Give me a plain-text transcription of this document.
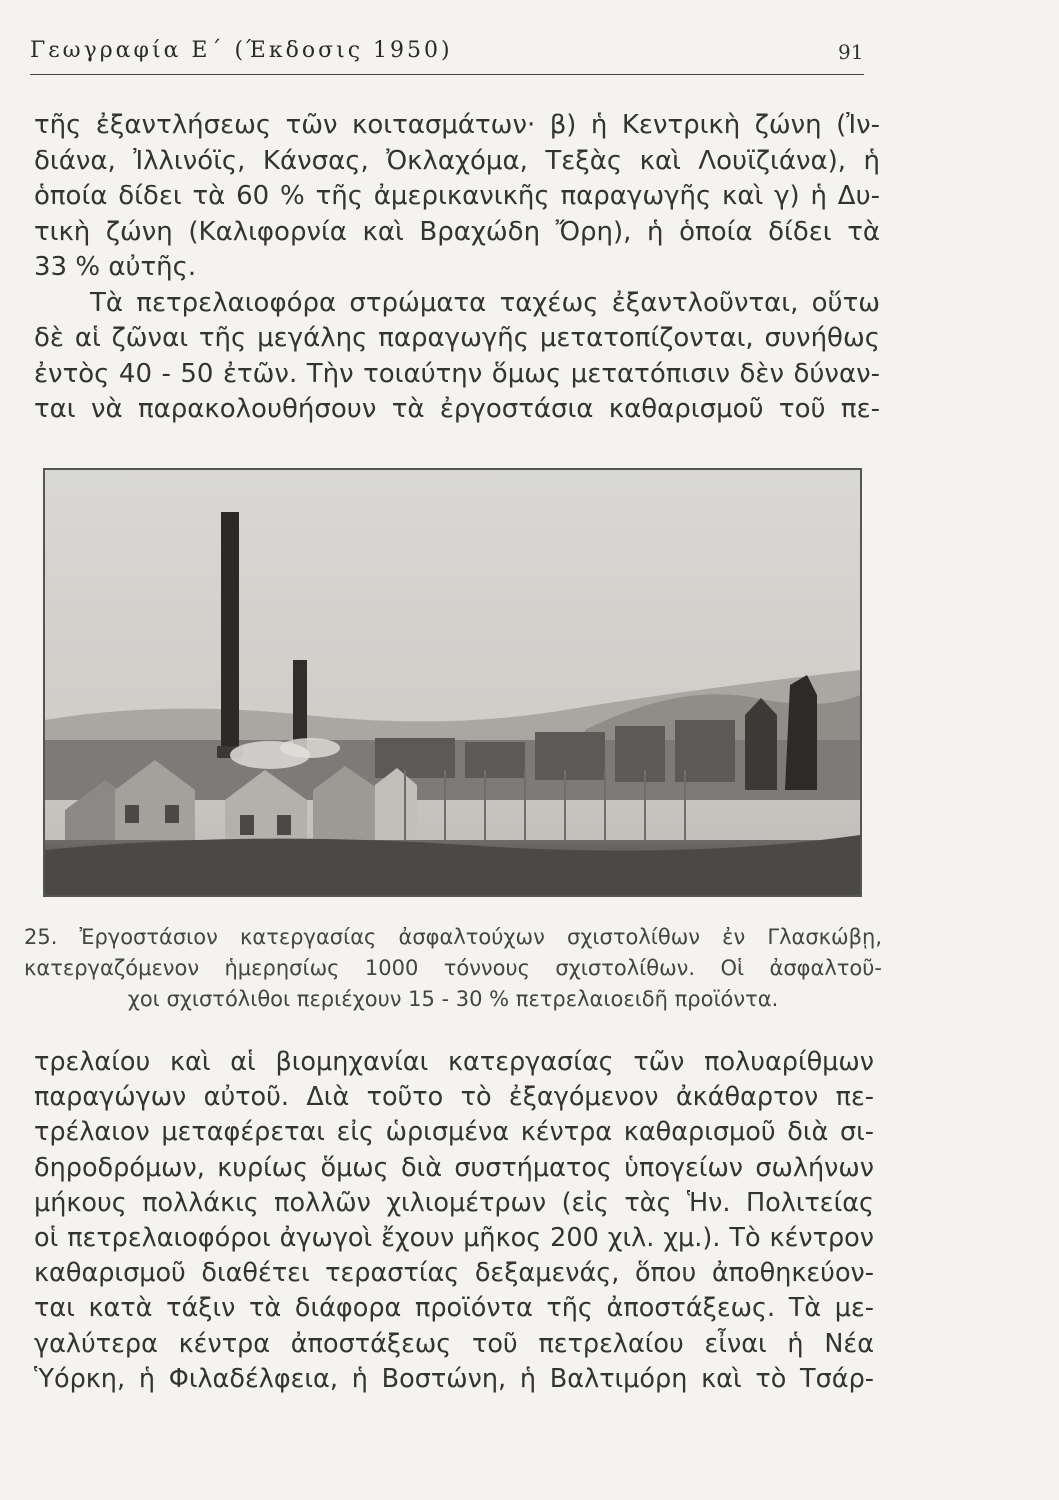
Γεωγραφία Ε΄ (Έκδοσις 1950)	91
τῆς ἐξαντλήσεως τῶν κοιτασμάτων· β) ἡ Κεντρικὴ ζώνη (Ἰν-
διάνα, Ἰλλινόϊς, Κάνσας, Ὀκλαχόμα, Τεξὰς καὶ Λουϊζιάνα), ἡ
ὁποία δίδει τὰ 60 % τῆς ἀμερικανικῆς παραγωγῆς καὶ γ) ἡ Δυ-
τικὴ ζώνη (Καλιφορνία καὶ Βραχώδη Ὄρη), ἡ ὁποία δίδει τὰ
33 % αὐτῆς.
Τὰ πετρελαιοφόρα στρώματα ταχέως ἐξαντλοῦνται, οὕτω
δὲ αἱ ζῶναι τῆς μεγάλης παραγωγῆς μετατοπίζονται, συνήθως
ἐντὸς 40 - 50 ἐτῶν. Τὴν τοιαύτην ὅμως μετατόπισιν δὲν δύναν-
ται νὰ παρακολουθήσουν τὰ ἐργοστάσια καθαρισμοῦ τοῦ πε-
25. Ἐργοστάσιον κατεργασίας ἀσφαλτούχων σχιστολίθων ἐν Γλασκώβῃ,
κατεργαζόμενον ἡμερησίως 1000 τόννους σχιστολίθων. Οἱ ἀσφαλτοῦ-
χοι σχιστόλιθοι περιέχουν 15 - 30 % πετρελαιοειδῆ προϊόντα.
τρελαίου καὶ αἱ βιομηχανίαι κατεργασίας τῶν πολυαρίθμων
παραγώγων αὐτοῦ. Διὰ τοῦτο τὸ ἐξαγόμενον ἀκάθαρτον πε-
τρέλαιον μεταφέρεται εἰς ὡρισμένα κέντρα καθαρισμοῦ διὰ σι-
δηροδρόμων, κυρίως ὅμως διὰ συστήματος ὑπογείων σωλήνων
μήκους πολλάκις πολλῶν χιλιομέτρων (εἰς τὰς Ἡν. Πολιτείας
οἱ πετρελαιοφόροι ἀγωγοὶ ἔχουν μῆκος 200 χιλ. χμ.). Τὸ κέντρον
καθαρισμοῦ διαθέτει τεραστίας δεξαμενάς, ὅπου ἀποθηκεύον-
ται κατὰ τάξιν τὰ διάφορα προϊόντα τῆς ἀποστάξεως. Τὰ με-
γαλύτερα κέντρα ἀποστάξεως τοῦ πετρελαίου εἶναι ἡ Νέα
Ὑόρκη, ἡ Φιλαδέλφεια, ἡ Βοστώνη, ἡ Βαλτιμόρη καὶ τὸ Τσάρ-
